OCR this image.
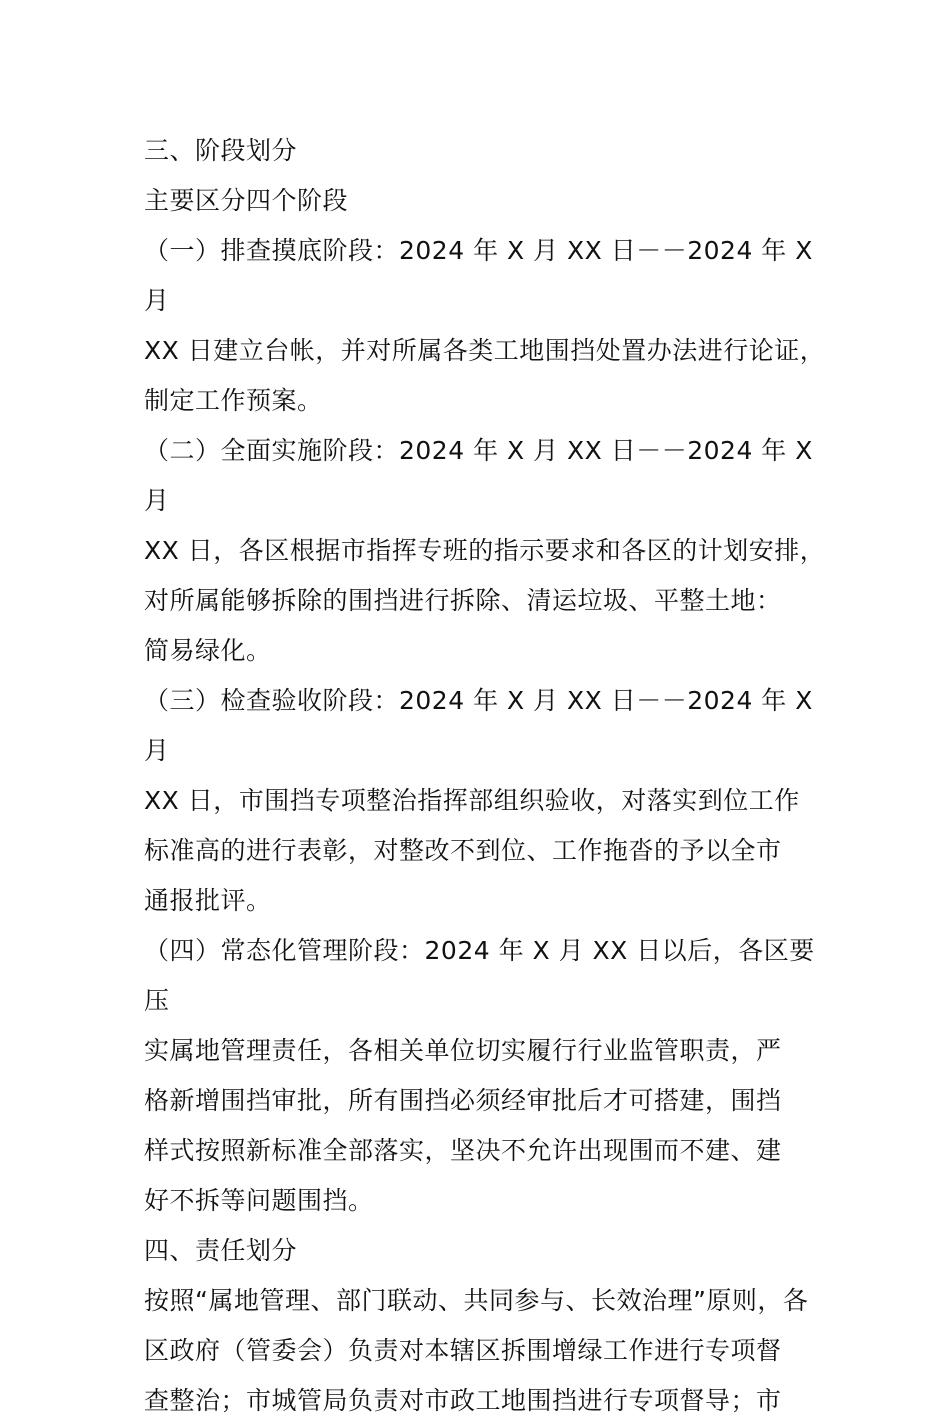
三、阶段划分

主要区分四个阶段

（一）排查摸底阶段：2024 年 X 月 XX 日－－2024 年 X 月

XX 日建立台帐，并对所属各类工地围挡处置办法进行论证，

制定工作预案。

（二）全面实施阶段：2024 年 X 月 XX 日－－2024 年 X 月

XX 日，各区根据市指挥专班的指示要求和各区的计划安排，

对所属能够拆除的围挡进行拆除、清运垃圾、平整土地：

简易绿化。

（三）检查验收阶段：2024 年 X 月 XX 日－－2024 年 X 月

XX 日，市围挡专项整治指挥部组织验收，对落实到位工作

标准高的进行表彰，对整改不到位、工作拖沓的予以全市

通报批评。

（四）常态化管理阶段：2024 年 X 月 XX 日以后，各区要压

实属地管理责任，各相关单位切实履行行业监管职责，严

格新增围挡审批，所有围挡必须经审批后才可搭建，围挡

样式按照新标准全部落实，坚决不允许出现围而不建、建

好不拆等问题围挡。

四、责任划分

按照“属地管理、部门联动、共同参与、长效治理”原则，各

区政府（管委会）负责对本辖区拆围增绿工作进行专项督

查整治；市城管局负责对市政工地围挡进行专项督导；市
